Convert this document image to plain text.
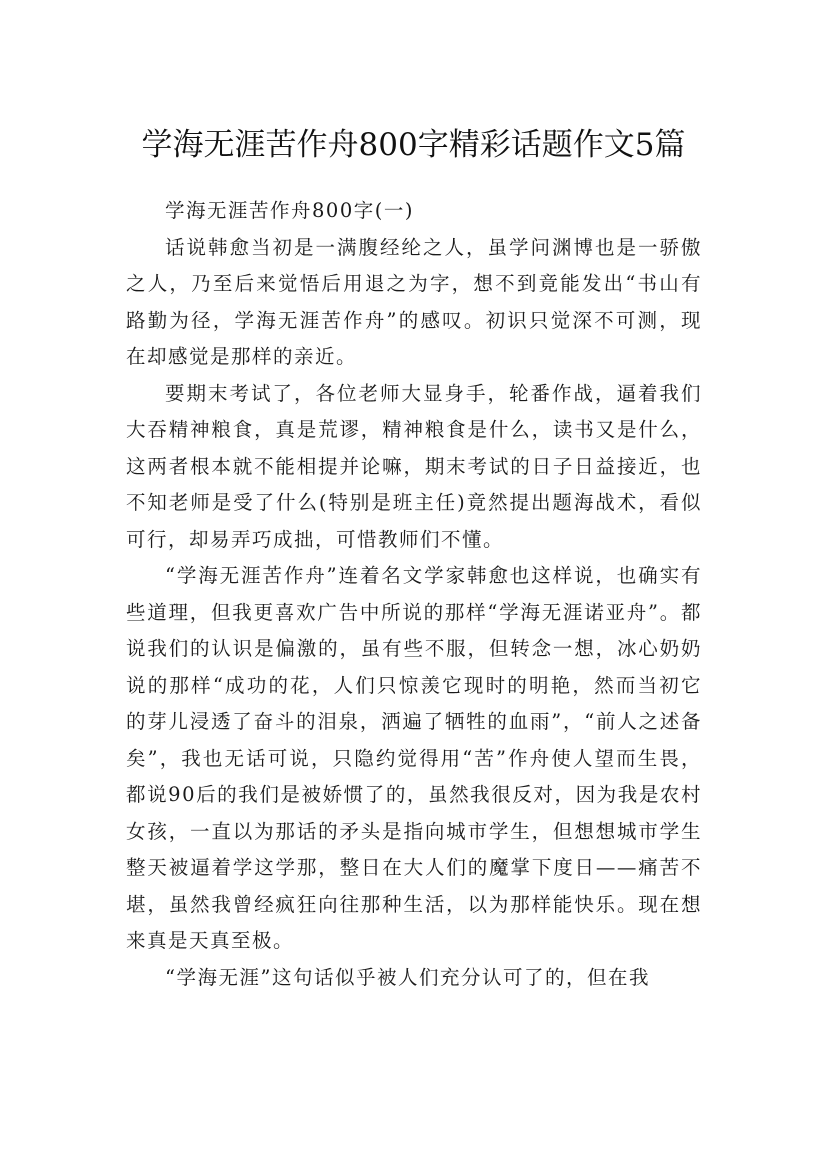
学海无涯苦作舟800字精彩话题作文5篇

学海无涯苦作舟800字(一)

话说韩愈当初是一满腹经纶之人，虽学问渊博也是一骄傲之人，乃至后来觉悟后用退之为字，想不到竟能发出“书山有路勤为径，学海无涯苦作舟”的感叹。初识只觉深不可测，现在却感觉是那样的亲近。

要期末考试了，各位老师大显身手，轮番作战，逼着我们大吞精神粮食，真是荒谬，精神粮食是什么，读书又是什么，这两者根本就不能相提并论嘛，期末考试的日子日益接近，也不知老师是受了什么(特别是班主任)竟然提出题海战术，看似可行，却易弄巧成拙，可惜教师们不懂。

“学海无涯苦作舟”连着名文学家韩愈也这样说，也确实有些道理，但我更喜欢广告中所说的那样“学海无涯诺亚舟”。都说我们的认识是偏激的，虽有些不服，但转念一想，冰心奶奶说的那样“成功的花，人们只惊羡它现时的明艳，然而当初它的芽儿浸透了奋斗的泪泉，洒遍了牺牲的血雨”，“前人之述备矣”，我也无话可说，只隐约觉得用“苦”作舟使人望而生畏，都说90后的我们是被娇惯了的，虽然我很反对，因为我是农村女孩，一直以为那话的矛头是指向城市学生，但想想城市学生整天被逼着学这学那，整日在大人们的魔掌下度日——痛苦不堪，虽然我曾经疯狂向往那种生活，以为那样能快乐。现在想来真是天真至极。

“学海无涯”这句话似乎被人们充分认可了的，但在我
